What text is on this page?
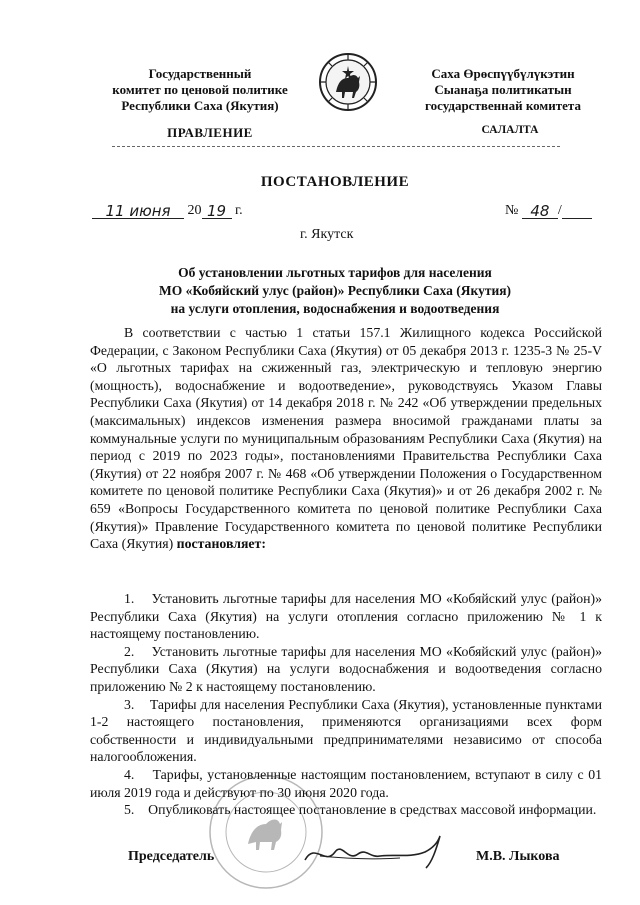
Государственный
комитет по ценовой политике
Республики Саха (Якутия)
Саха Өрөспүүбүлүкэтин
Сыанаҕа политикатын
государственнай комитета
ПРАВЛЕНИЕ	САЛАЛТА
ПОСТАНОВЛЕНИЕ
11 июня 20 19 г.	№ 48 /
г. Якутск
Об установлении льготных тарифов для населения
МО «Кобяйский улус (район)» Республики Саха (Якутия)
на услуги отопления, водоснабжения и водоотведения

В соответствии с частью 1 статьи 157.1 Жилищного кодекса Российской Федерации, с Законом Республики Саха (Якутия) от 05 декабря 2013 г. 1235-3 № 25-V «О льготных тарифах на сжиженный газ, электрическую и тепловую энергию (мощность), водоснабжение и водоотведение», руководствуясь Указом Главы Республики Саха (Якутия) от 14 декабря 2018 г. № 242 «Об утверждении предельных (максимальных) индексов изменения размера вносимой гражданами платы за коммунальные услуги по муниципальным образованиям Республики Саха (Якутия) на период с 2019 по 2023 годы», постановлениями Правительства Республики Саха (Якутия) от 22 ноября 2007 г. № 468 «Об утверждении Положения о Государственном комитете по ценовой политике Республики Саха (Якутия)» и от 26 декабря 2002 г. № 659 «Вопросы Государственного комитета по ценовой политике Республики Саха (Якутия)» Правление Государственного комитета по ценовой политике Республики Саха (Якутия) постановляет:

1. Установить льготные тарифы для населения МО «Кобяйский улус (район)» Республики Саха (Якутия) на услуги отопления согласно приложению № 1 к настоящему постановлению.

2. Установить льготные тарифы для населения МО «Кобяйский улус (район)» Республики Саха (Якутия) на услуги водоснабжения и водоотведения согласно приложению № 2 к настоящему постановлению.

3. Тарифы для населения Республики Саха (Якутия), установленные пунктами 1-2 настоящего постановления, применяются организациями всех форм собственности и индивидуальными предпринимателями независимо от способа налогообложения.

4. Тарифы, установленные настоящим постановлением, вступают в силу с 01 июля 2019 года и действуют по 30 июня 2020 года.

5. Опубликовать настоящее постановление в средствах массовой информации.

Председатель	М.В. Лыкова
